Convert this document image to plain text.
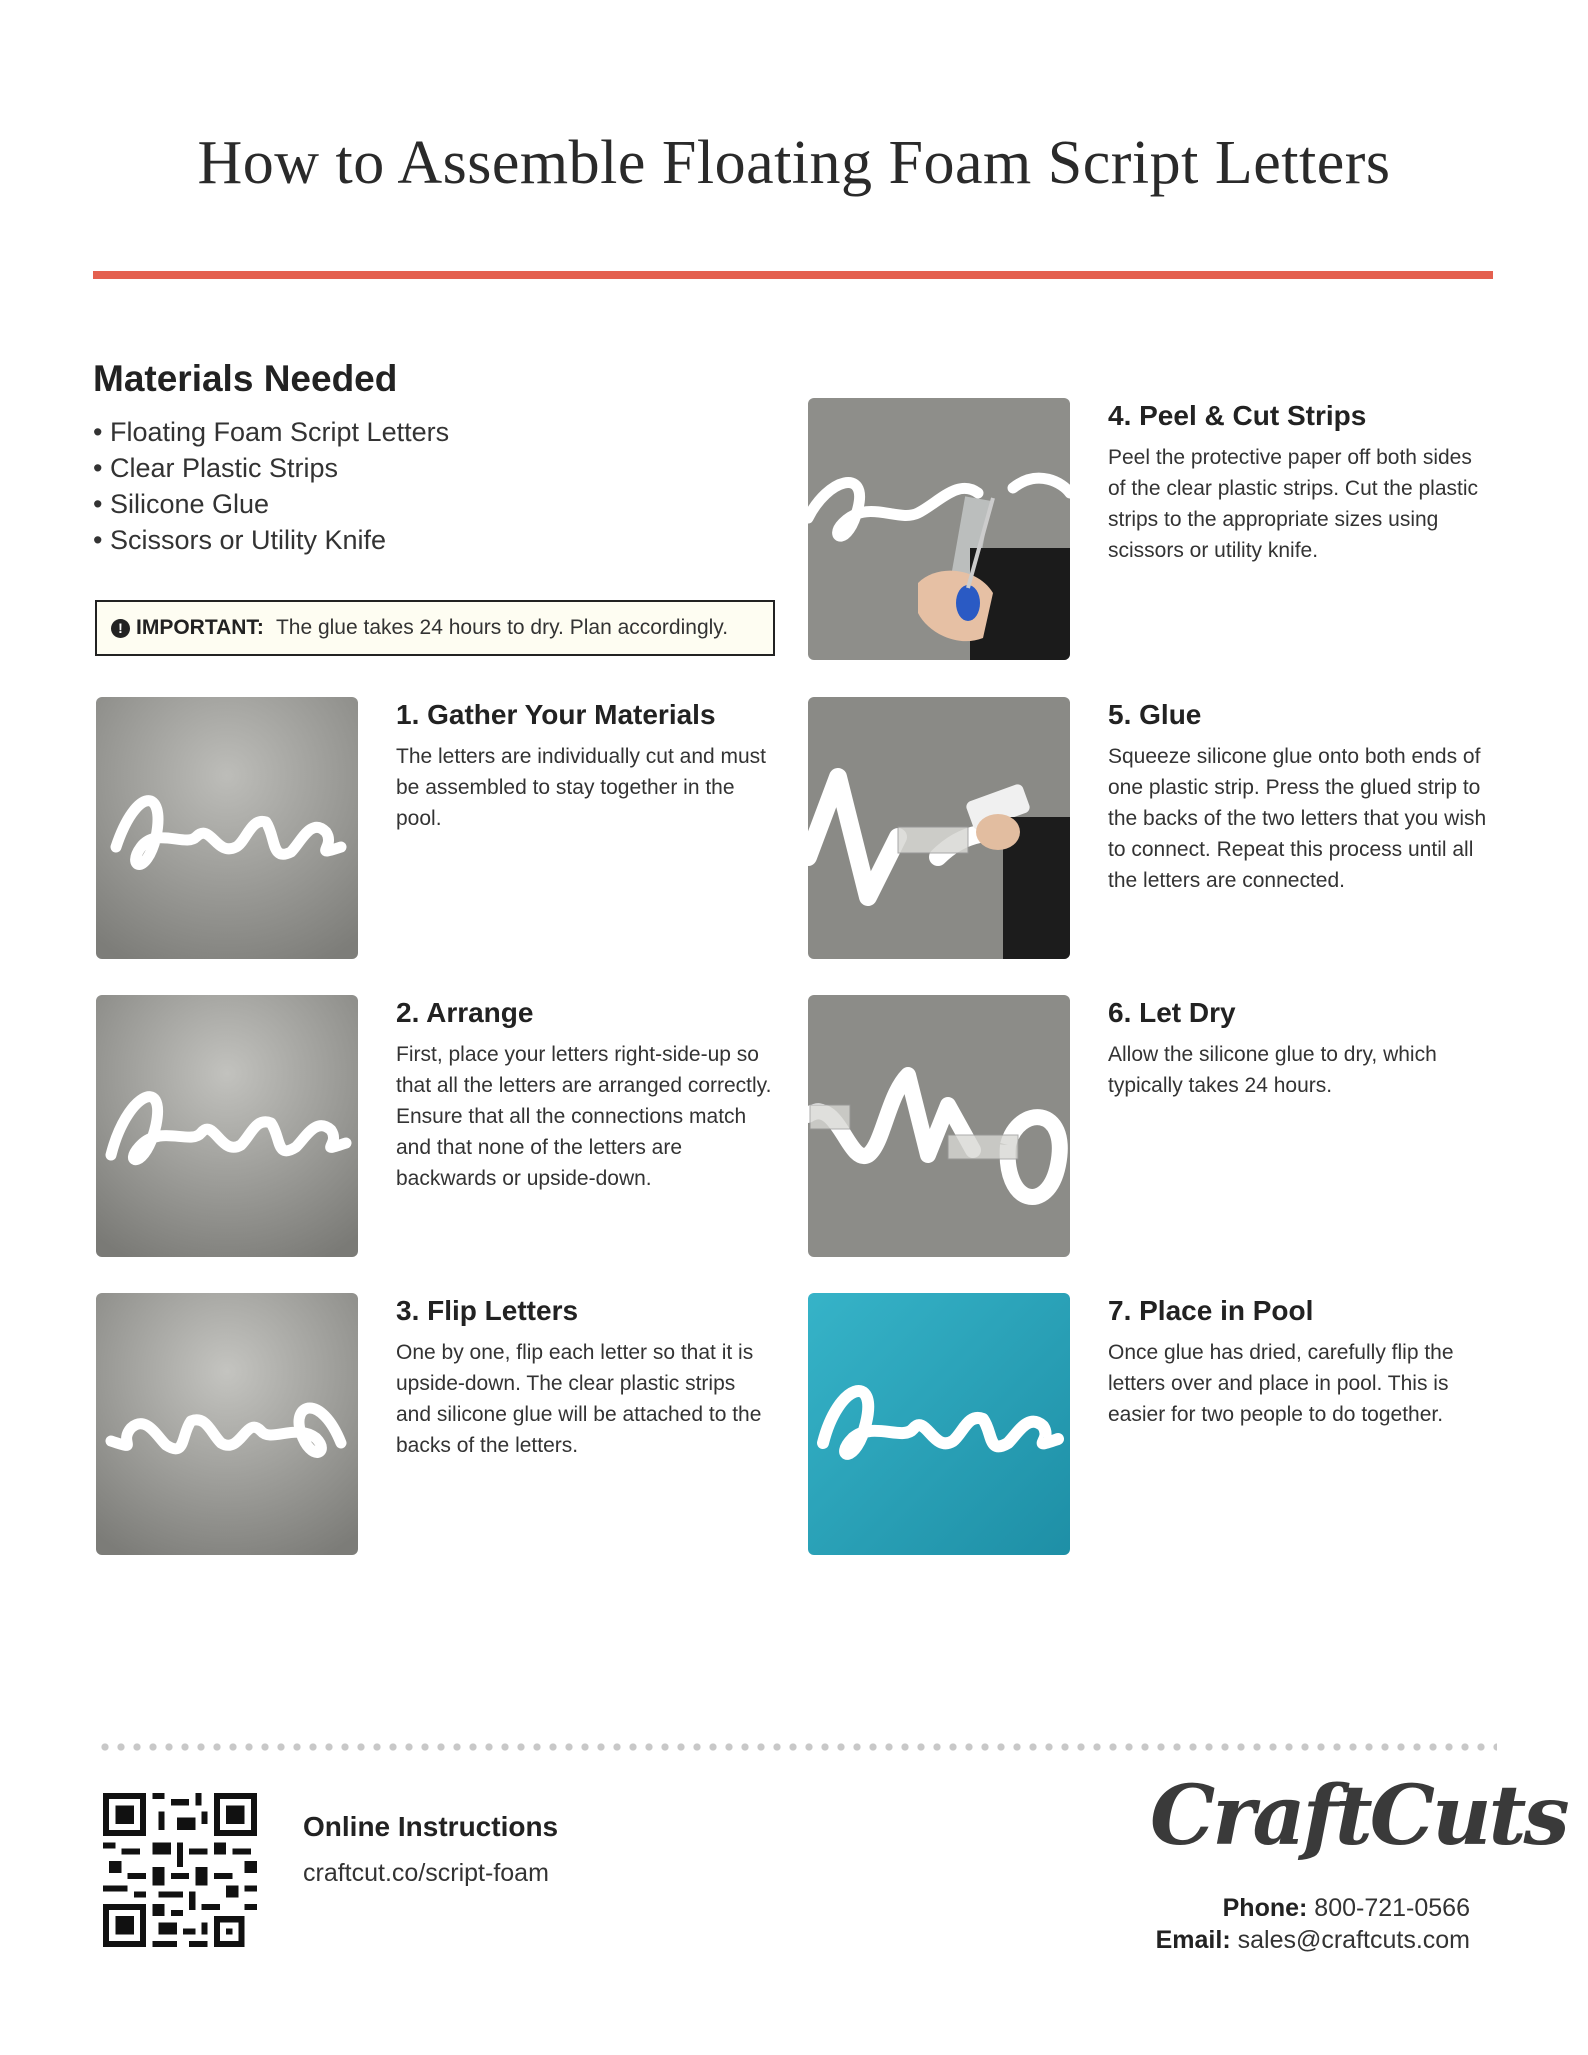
How to Assemble Floating Foam Script Letters
Materials Needed
• Floating Foam Script Letters
• Clear Plastic Strips
• Silicone Glue
• Scissors or Utility Knife
! IMPORTANT: The glue takes 24 hours to dry. Plan accordingly.
1. Gather Your Materials

The letters are individually cut and must be assembled to stay together in the pool.

2. Arrange

First, place your letters right-side-up so that all the letters are arranged correctly. Ensure that all the connections match and that none of the letters are backwards or upside-down.

3. Flip Letters

One by one, flip each letter so that it is upside-down. The clear plastic strips and silicone glue will be attached to the backs of the letters.

4. Peel & Cut Strips

Peel the protective paper off both sides of the clear plastic strips. Cut the plastic strips to the appropriate sizes using scissors or utility knife.

5. Glue

Squeeze silicone glue onto both ends of one plastic strip. Press the glued strip to the backs of the two letters that you wish to connect. Repeat this process until all the letters are connected.

6. Let Dry

Allow the silicone glue to dry, which typically takes 24 hours.

7. Place in Pool

Once glue has dried, carefully flip the letters over and place in pool. This is easier for two people to do together.

Online Instructions
craftcut.co/script-foam
CraftCuts
Phone: 800-721-0566
Email: sales@craftcuts.com
